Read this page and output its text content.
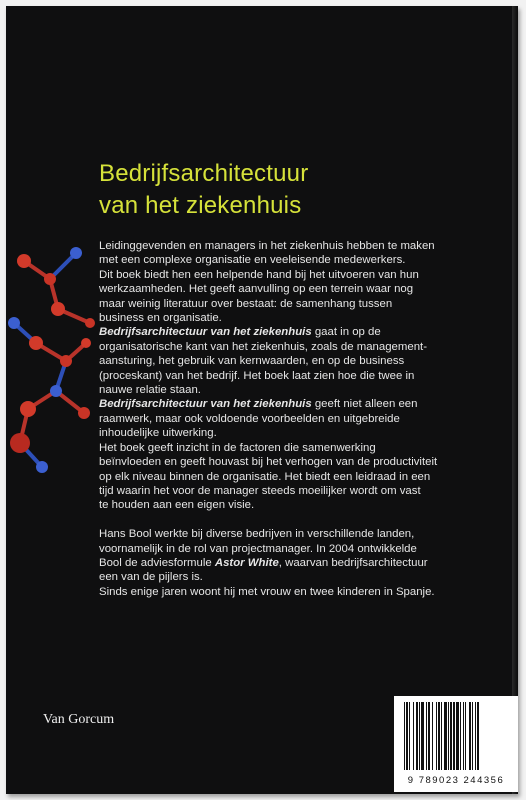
Bedrijfsarchitectuur
van het ziekenhuis

Leidinggevenden en managers in het ziekenhuis hebben te maken
met een complexe organisatie en veeleisende medewerkers.
Dit boek biedt hen een helpende hand bij het uitvoeren van hun
werkzaamheden. Het geeft aanvulling op een terrein waar nog
maar weinig literatuur over bestaat: de samenhang tussen
business en organisatie.

Bedrijfsarchitectuur van het ziekenhuis gaat in op de
organisatorische kant van het ziekenhuis, zoals de management-
aansturing, het gebruik van kernwaarden, en op de business
(proceskant) van het bedrijf. Het boek laat zien hoe die twee in
nauwe relatie staan.

Bedrijfsarchitectuur van het ziekenhuis geeft niet alleen een
raamwerk, maar ook voldoende voorbeelden en uitgebreide
inhoudelijke uitwerking.

Het boek geeft inzicht in de factoren die samenwerking
beïnvloeden en geeft houvast bij het verhogen van de productiviteit
op elk niveau binnen de organisatie. Het biedt een leidraad in een
tijd waarin het voor de manager steeds moeilijker wordt om vast
te houden aan een eigen visie.

Hans Bool werkte bij diverse bedrijven in verschillende landen,
voornamelijk in de rol van projectmanager. In 2004 ontwikkelde
Bool de adviesformule Astor White, waarvan bedrijfsarchitectuur
een van de pijlers is.
Sinds enige jaren woont hij met vrouw en twee kinderen in Spanje.

Van Gorcum
9 789023 244356
